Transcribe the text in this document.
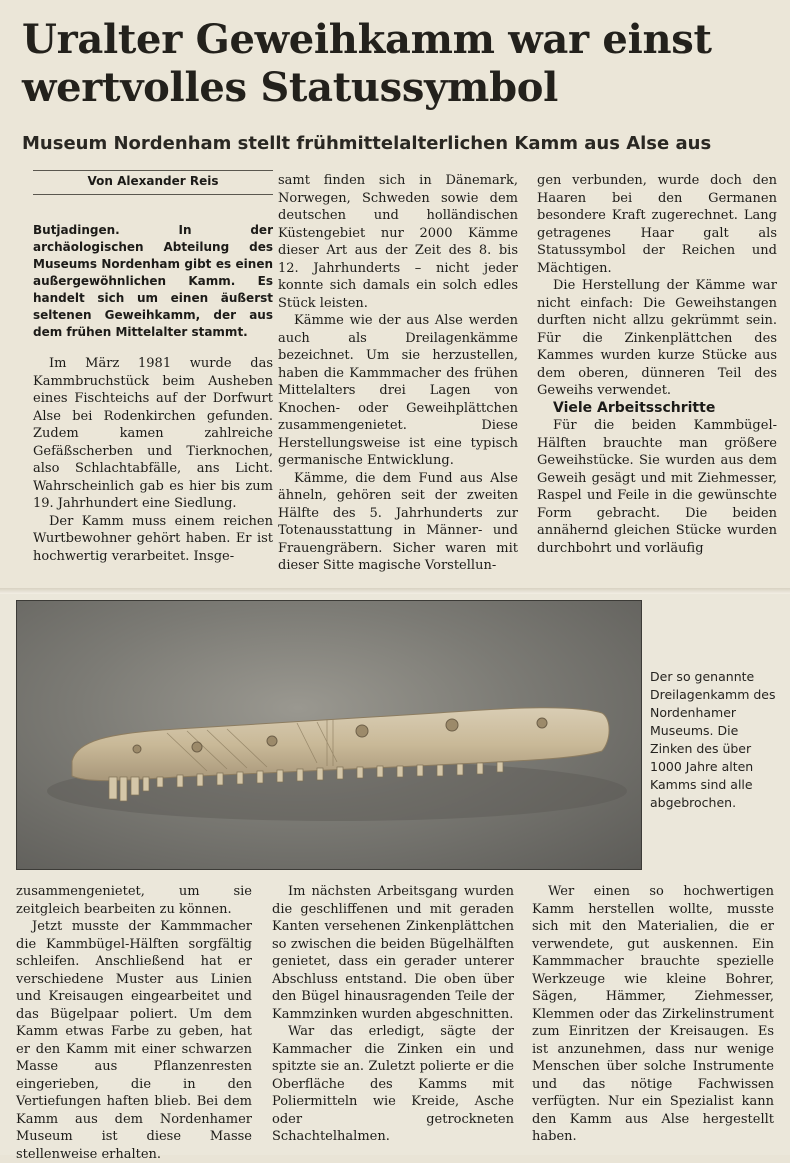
Uralter Geweihkamm war einst wertvolles Statussymbol
Museum Nordenham stellt frühmittelalterlichen Kamm aus Alse aus
Von Alexander Reis

Butjadingen. In der archäologischen Abteilung des Museums Nordenham gibt es einen außergewöhnlichen Kamm. Es handelt sich um einen äußerst seltenen Geweihkamm, der aus dem frühen Mittelalter stammt.

Im März 1981 wurde das Kammbruchstück beim Ausheben eines Fischteichs auf der Dorfwurt Alse bei Rodenkirchen gefunden. Zudem kamen zahlreiche Gefäßscherben und Tierknochen, also Schlachtabfälle, ans Licht. Wahrscheinlich gab es hier bis zum 19. Jahrhundert eine Siedlung.

Der Kamm muss einem reichen Wurtbewohner gehört haben. Er ist hochwertig verarbeitet. Insge-

samt finden sich in Dänemark, Norwegen, Schweden sowie dem deutschen und holländischen Küstengebiet nur 2000 Kämme dieser Art aus der Zeit des 8. bis 12. Jahrhunderts – nicht jeder konnte sich damals ein solch edles Stück leisten.

Kämme wie der aus Alse werden auch als Dreilagenkämme bezeichnet. Um sie herzustellen, haben die Kammmacher des frühen Mittelalters drei Lagen von Knochen- oder Geweihplättchen zusammengenietet. Diese Herstellungsweise ist eine typisch germanische Entwicklung.

Kämme, die dem Fund aus Alse ähneln, gehören seit der zweiten Hälfte des 5. Jahrhunderts zur Totenausstattung in Männer- und Frauengräbern. Sicher waren mit dieser Sitte magische Vorstellun-

gen verbunden, wurde doch den Haaren bei den Germanen besondere Kraft zugerechnet. Lang getragenes Haar galt als Statussymbol der Reichen und Mächtigen.

Die Herstellung der Kämme war nicht einfach: Die Geweihstangen durften nicht allzu gekrümmt sein. Für die Zinkenplättchen des Kammes wurden kurze Stücke aus dem oberen, dünneren Teil des Geweihs verwendet.

Viele Arbeitsschritte

Für die beiden Kammbügel-Hälften brauchte man größere Geweihstücke. Sie wurden aus dem Geweih gesägt und mit Ziehmesser, Raspel und Feile in die gewünschte Form gebracht. Die beiden annähernd gleichen Stücke wurden durchbohrt und vorläufig

Der so genannte Dreilagenkamm des Nordenhamer Museums. Die Zinken des über 1000 Jahre alten Kamms sind alle abgebrochen.

zusammengenietet, um sie zeitgleich bearbeiten zu können.

Jetzt musste der Kammmacher die Kammbügel-Hälften sorgfältig schleifen. Anschließend hat er verschiedene Muster aus Linien und Kreisaugen eingearbeitet und das Bügelpaar poliert. Um dem Kamm etwas Farbe zu geben, hat er den Kamm mit einer schwarzen Masse aus Pflanzenresten eingerieben, die in den Vertiefungen haften blieb. Bei dem Kamm aus dem Nordenhamer Museum ist diese Masse stellenweise erhalten.

Im nächsten Arbeitsgang wurden die geschliffenen und mit geraden Kanten versehenen Zinkenplättchen so zwischen die beiden Bügelhälften genietet, dass ein gerader unterer Abschluss entstand. Die oben über den Bügel hinausragenden Teile der Kammzinken wurden abgeschnitten.

War das erledigt, sägte der Kammacher die Zinken ein und spitzte sie an. Zuletzt polierte er die Oberfläche des Kamms mit Poliermitteln wie Kreide, Asche oder getrockneten Schachtelhalmen.

Wer einen so hochwertigen Kamm herstellen wollte, musste sich mit den Materialien, die er verwendete, gut auskennen. Ein Kammmacher brauchte spezielle Werkzeuge wie kleine Bohrer, Sägen, Hämmer, Ziehmesser, Klemmen oder das Zirkelinstrument zum Einritzen der Kreisaugen. Es ist anzunehmen, dass nur wenige Menschen über solche Instrumente und das nötige Fachwissen verfügten. Nur ein Spezialist kann den Kamm aus Alse hergestellt haben.
